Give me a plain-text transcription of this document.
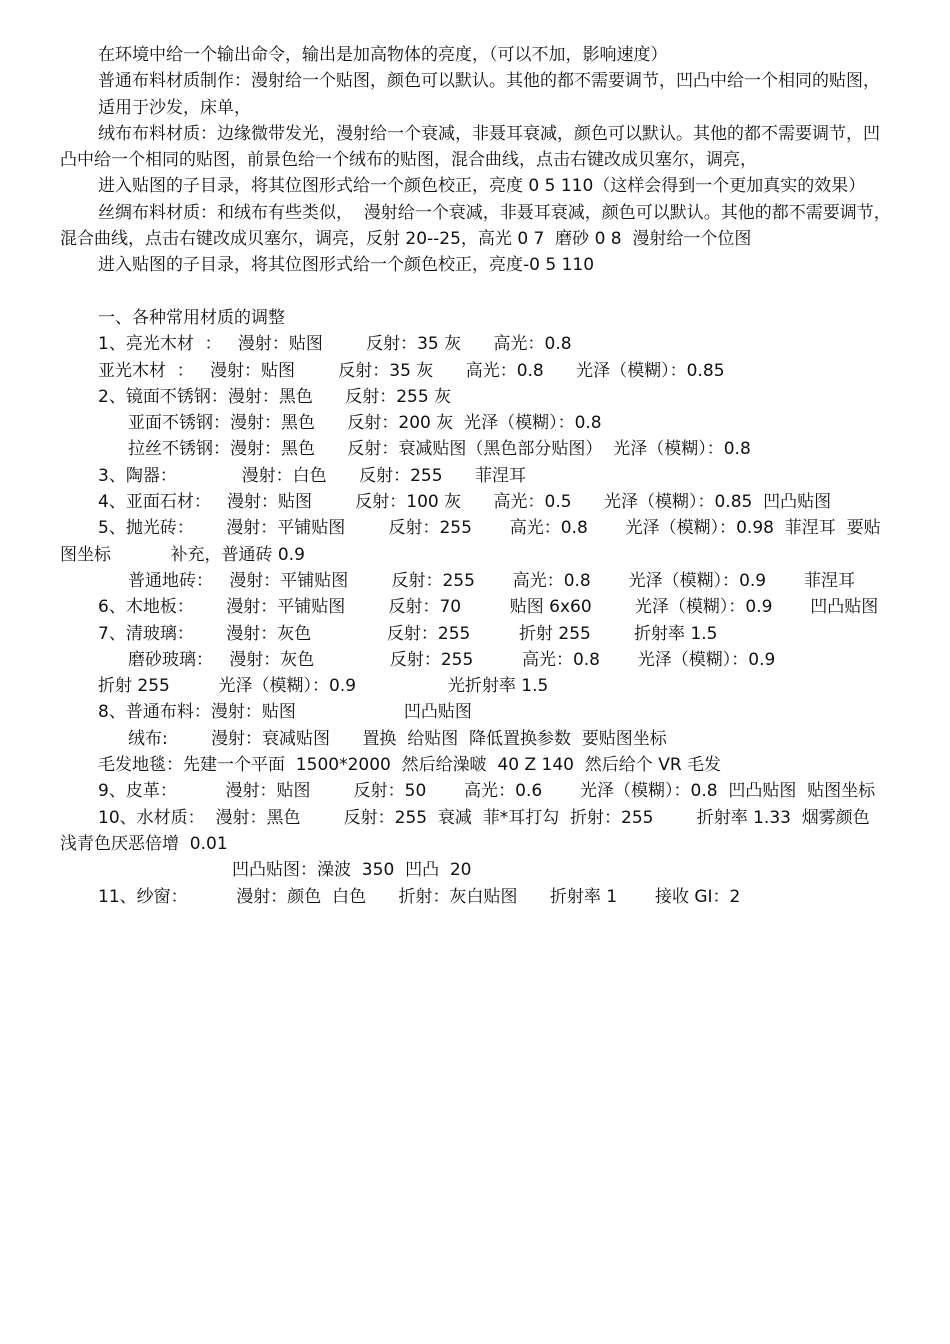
在环境中给一个输出命令，输出是加高物体的亮度，（可以不加，影响速度）

普通布料材质制作：漫射给一个贴图，颜色可以默认。其他的都不需要调节，凹凸中给一个相同的贴图，

适用于沙发，床单，

绒布布料材质：边缘微带发光，漫射给一个衰减，非聂耳衰减，颜色可以默认。其他的都不需要调节，凹凸中给一个相同的贴图，前景色给一个绒布的贴图，混合曲线，点击右键改成贝塞尔，调亮，

进入贴图的子目录，将其位图形式给一个颜色校正，亮度 0 5 110（这样会得到一个更加真实的效果）

丝绸布料材质：和绒布有些类似，  漫射给一个衰减，非聂耳衰减，颜色可以默认。其他的都不需要调节，混合曲线，点击右键改成贝塞尔，调亮，反射 20--25，高光 0 7  磨砂 0 8  漫射给一个位图

进入贴图的子目录，将其位图形式给一个颜色校正，亮度-0 5 110

一、各种常用材质的调整

1、亮光木材  ：   漫射：贴图        反射：35 灰      高光：0.8

亚光木材  ：   漫射：贴图        反射：35 灰      高光：0.8      光泽（模糊）：0.85

2、镜面不锈钢：漫射：黑色      反射：255 灰

亚面不锈钢：漫射：黑色      反射：200 灰  光泽（模糊）：0.8

拉丝不锈钢：漫射：黑色      反射：衰减贴图（黑色部分贴图）  光泽（模糊）：0.8

3、陶器：            漫射：白色      反射：255      菲涅耳

4、亚面石材：   漫射：贴图        反射：100 灰      高光：0.5      光泽（模糊）：0.85  凹凸贴图

5、抛光砖：      漫射：平铺贴图        反射：255       高光：0.8       光泽（模糊）：0.98  菲涅耳  要贴图坐标           补充，普通砖 0.9

普通地砖：   漫射：平铺贴图        反射：255       高光：0.8       光泽（模糊）：0.9       菲涅耳

6、木地板：      漫射：平铺贴图        反射：70         贴图 6x60        光泽（模糊）：0.9       凹凸贴图

7、清玻璃：      漫射：灰色              反射：255         折射 255        折射率 1.5

磨砂玻璃：   漫射：灰色              反射：255         高光：0.8       光泽（模糊）：0.9

折射 255         光泽（模糊）：0.9                 光折射率 1.5

8、普通布料：漫射：贴图                    凹凸贴图

绒布:        漫射：衰减贴图      置换  给贴图  降低置换参数  要贴图坐标

毛发地毯：先建一个平面  1500*2000  然后给澡啵  40 Z 140  然后给个 VR 毛发

9、皮革：         漫射：贴图        反射：50       高光：0.6       光泽（模糊）：0.8  凹凸贴图  贴图坐标

10、水材质：  漫射：黑色        反射：255  衰减  菲*耳打勾  折射：255        折射率 1.33  烟雾颜色  浅青色厌恶倍增  0.01

凹凸贴图：澡波  350  凹凸  20

11、纱窗：         漫射：颜色  白色      折射：灰白贴图      折射率 1       接收 GI：2
